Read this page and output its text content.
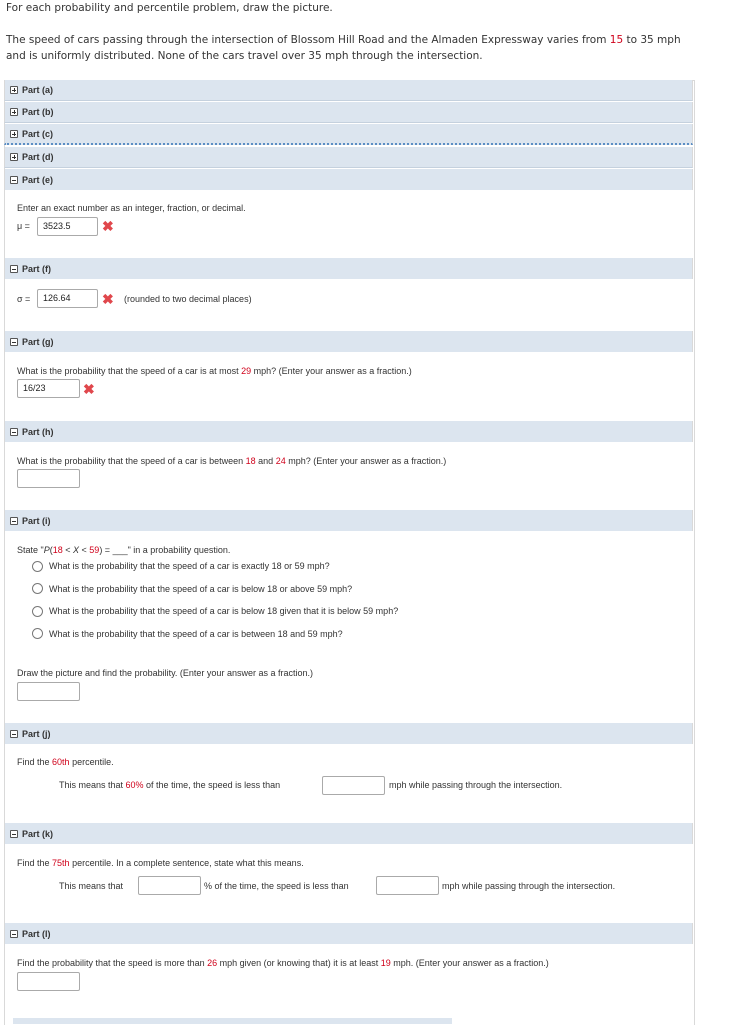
For each probability and percentile problem, draw the picture.

The speed of cars passing through the intersection of Blossom Hill Road and the Almaden Expressway varies from 15 to 35 mph and is uniformly distributed. None of the cars travel over 35 mph through the intersection.

Part (a)
Part (b)
Part (c)
Part (d)
Part (e)
Enter an exact number as an integer, fraction, or decimal.
μ =	3523.5	✖
Part (f)
σ =	126.64	✖ (rounded to two decimal places)
Part (g)
What is the probability that the speed of a car is at most 29 mph? (Enter your answer as a fraction.)
16/23	✖
Part (h)
What is the probability that the speed of a car is between 18 and 24 mph? (Enter your answer as a fraction.)
Part (i)
State "P(18 < X < 59) = ___" in a probability question.
What is the probability that the speed of a car is exactly 18 or 59 mph?
What is the probability that the speed of a car is below 18 or above 59 mph?
What is the probability that the speed of a car is below 18 given that it is below 59 mph?
What is the probability that the speed of a car is between 18 and 59 mph?
Draw the picture and find the probability. (Enter your answer as a fraction.)
Part (j)
Find the 60th percentile.
This means that 60% of the time, the speed is less than	mph while passing through the intersection.
Part (k)
Find the 75th percentile. In a complete sentence, state what this means.
This means that	% of the time, the speed is less than	mph while passing through the intersection.
Part (l)
Find the probability that the speed is more than 26 mph given (or knowing that) it is at least 19 mph. (Enter your answer as a fraction.)
